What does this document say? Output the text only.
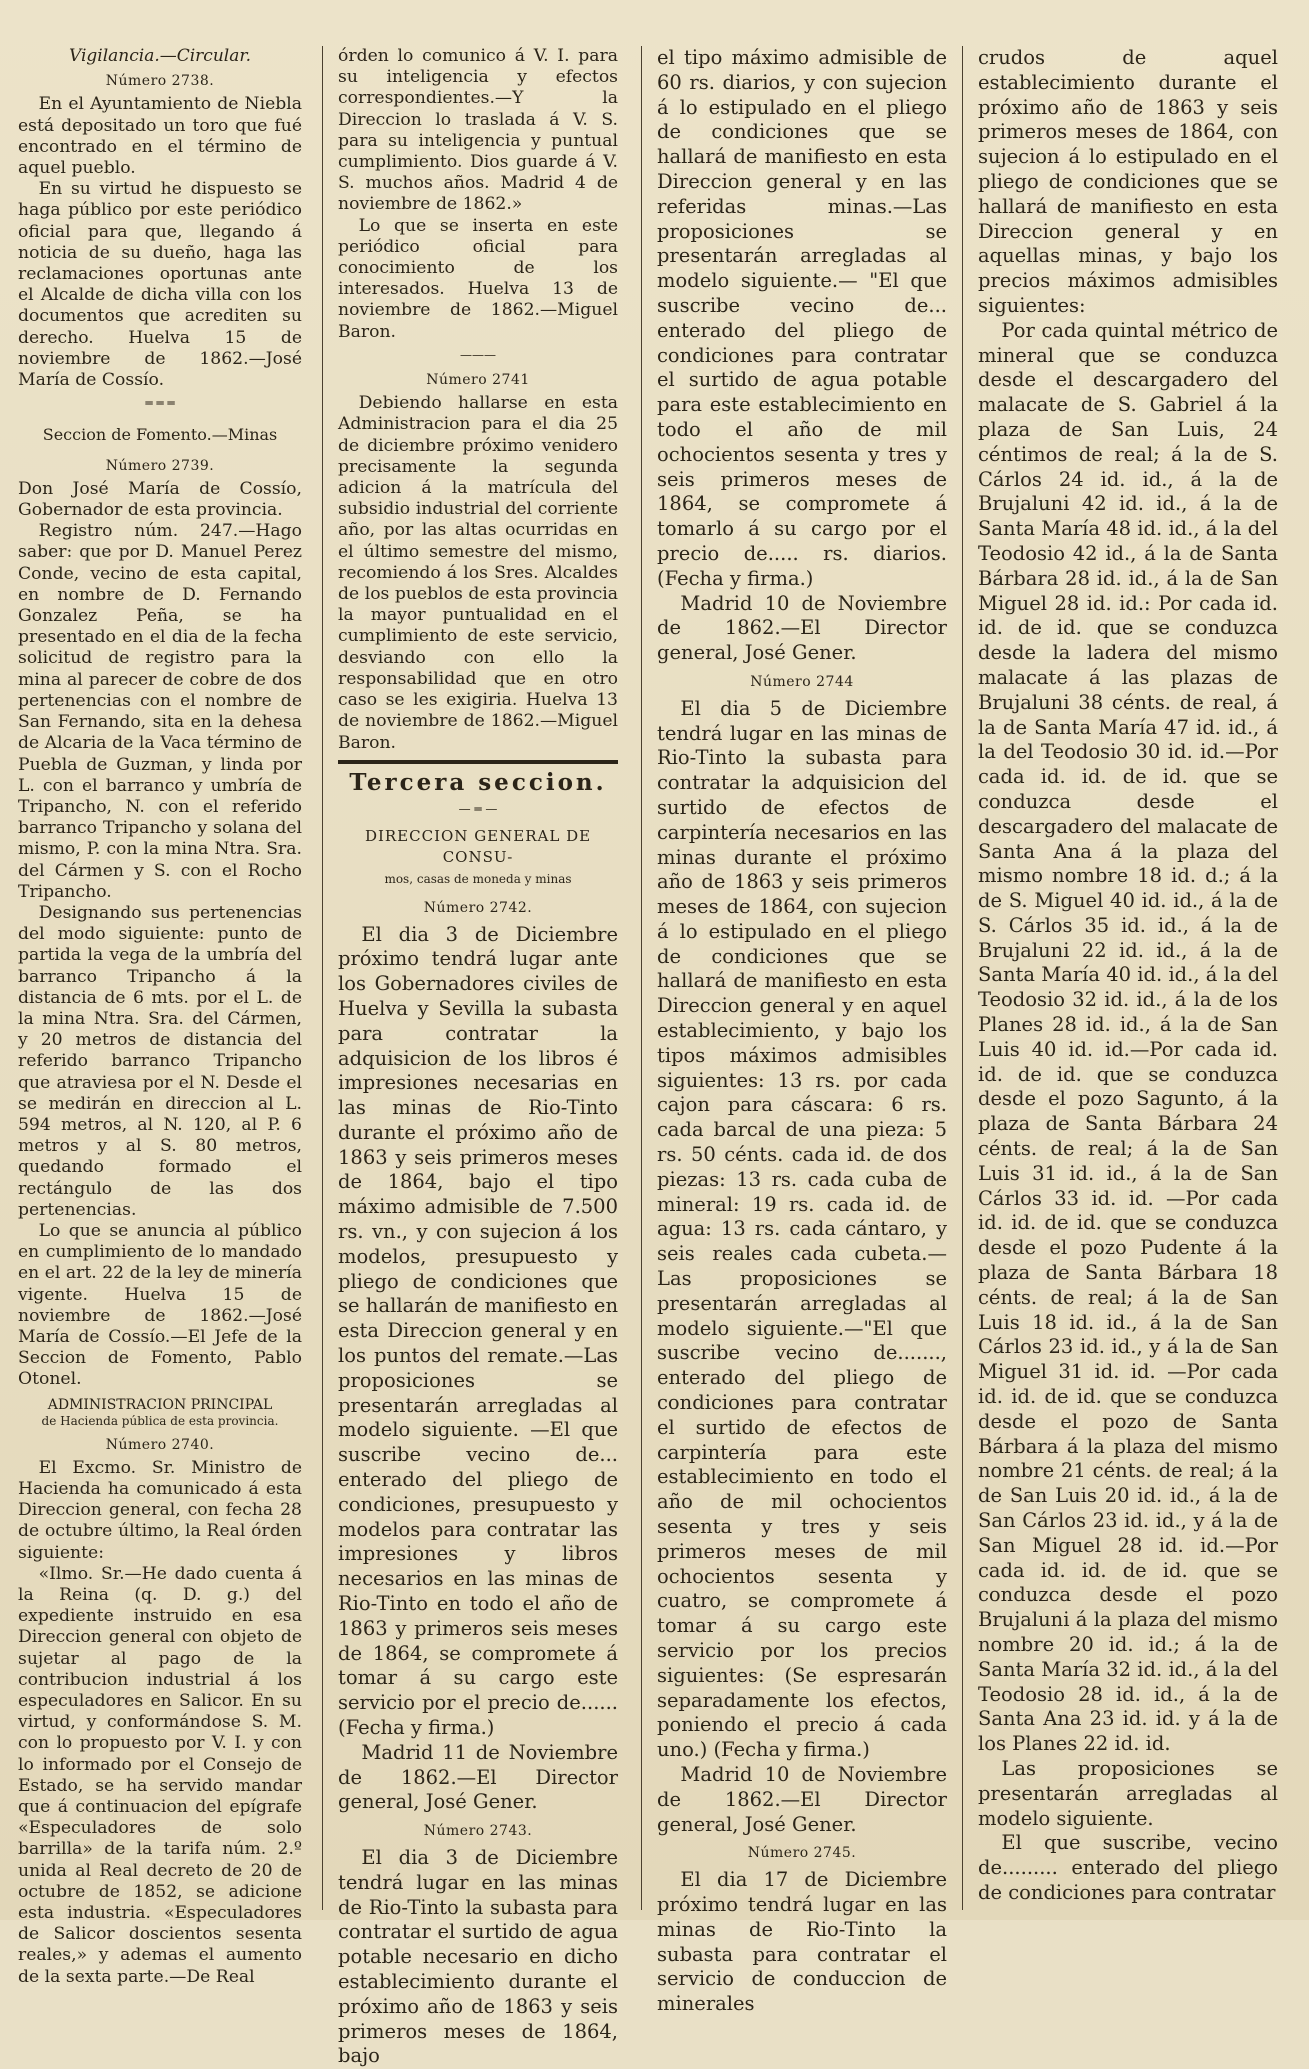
Vigilancia.—Circular.

Número 2738.

En el Ayuntamiento de Niebla está depositado un toro que fué encontrado en el término de aquel pueblo.

En su virtud he dispuesto se haga público por este periódico oficial para que, llegando á noticia de su dueño, haga las reclamaciones oportunas ante el Alcalde de dicha villa con los documentos que acrediten su derecho. Huelva 15 de noviembre de 1862.—José María de Cossío.

═ ═ ═

Seccion de Fomento.—Minas

Número 2739.

Don José María de Cossío, Gobernador de esta provincia.

Registro núm. 247.—Hago saber: que por D. Manuel Perez Conde, vecino de esta capital, en nombre de D. Fernando Gonzalez Peña, se ha presentado en el dia de la fecha solicitud de registro para la mina al parecer de cobre de dos pertenencias con el nombre de San Fernando, sita en la dehesa de Alcaria de la Vaca término de Puebla de Guzman, y linda por L. con el barranco y umbría de Tripancho, N. con el referido barranco Tripancho y solana del mismo, P. con la mina Ntra. Sra. del Cármen y S. con el Rocho Tripancho.

Designando sus pertenencias del modo siguiente: punto de partida la vega de la umbría del barranco Tripancho á la distancia de 6 mts. por el L. de la mina Ntra. Sra. del Cármen, y 20 metros de distancia del referido barranco Tripancho que atraviesa por el N. Desde el se medirán en direccion al L. 594 metros, al N. 120, al P. 6 metros y al S. 80 metros, quedando formado el rectángulo de las dos pertenencias.

Lo que se anuncia al público en cumplimiento de lo mandado en el art. 22 de la ley de minería vigente. Huelva 15 de noviembre de 1862.—José María de Cossío.—El Jefe de la Seccion de Fomento, Pablo Otonel.

ADMINISTRACION PRINCIPAL
de Hacienda pública de esta provincia.

Número 2740.

El Excmo. Sr. Ministro de Hacienda ha comunicado á esta Direccion general, con fecha 28 de octubre último, la Real órden siguiente:

«Ilmo. Sr.—He dado cuenta á la Reina (q. D. g.) del expediente instruido en esa Direccion general con objeto de sujetar al pago de la contribucion industrial á los especuladores en Salicor. En su virtud, y conformándose S. M. con lo propuesto por V. I. y con lo informado por el Consejo de Estado, se ha servido mandar que á continuacion del epígrafe «Especuladores de solo barrilla» de la tarifa núm. 2.º unida al Real decreto de 20 de octubre de 1852, se adicione esta industria. «Especuladores de Salicor doscientos sesenta reales,» y ademas el aumento de la sexta parte.—De Real

órden lo comunico á V. I. para su inteligencia y efectos correspondientes.—Y la Direccion lo traslada á V. S. para su inteligencia y puntual cumplimiento. Dios guarde á V. S. muchos años. Madrid 4 de noviembre de 1862.»

Lo que se inserta en este periódico oficial para conocimiento de los interesados. Huelva 13 de noviembre de 1862.—Miguel Baron.

———

Número 2741

Debiendo hallarse en esta Administracion para el dia 25 de diciembre próximo venidero precisamente la segunda adicion á la matrícula del subsidio industrial del corriente año, por las altas ocurridas en el último semestre del mismo, recomiendo á los Sres. Alcaldes de los pueblos de esta provincia la mayor puntualidad en el cumplimiento de este servicio, desviando con ello la responsabilidad que en otro caso se les exigiria. Huelva 13 de noviembre de 1862.—Miguel Baron.

Tercera seccion.

— ═ —

DIRECCION GENERAL DE CONSU-

mos, casas de moneda y minas

Número 2742.

El dia 3 de Diciembre próximo tendrá lugar ante los Gobernadores civiles de Huelva y Sevilla la subasta para contratar la adquisicion de los libros é impresiones necesarias en las minas de Rio-Tinto durante el próximo año de 1863 y seis primeros meses de 1864, bajo el tipo máximo admisible de 7.500 rs. vn., y con sujecion á los modelos, presupuesto y pliego de condiciones que se hallarán de manifiesto en esta Direccion general y en los puntos del remate.—Las proposiciones se presentarán arregladas al modelo siguiente. —El que suscribe vecino de... enterado del pliego de condiciones, presupuesto y modelos para contratar las impresiones y libros necesarios en las minas de Rio-Tinto en todo el año de 1863 y primeros seis meses de 1864, se compromete á tomar á su cargo este servicio por el precio de...... (Fecha y firma.)

Madrid 11 de Noviembre de 1862.—El Director general, José Gener.

Número 2743.

El dia 3 de Diciembre tendrá lugar en las minas de Rio-Tinto la subasta para contratar el surtido de agua potable necesario en dicho establecimiento durante el próximo año de 1863 y seis primeros meses de 1864, bajo

el tipo máximo admisible de 60 rs. diarios, y con sujecion á lo estipulado en el pliego de condiciones que se hallará de manifiesto en esta Direccion general y en las referidas minas.—Las proposiciones se presentarán arregladas al modelo siguiente.— "El que suscribe vecino de... enterado del pliego de condiciones para contratar el surtido de agua potable para este establecimiento en todo el año de mil ochocientos sesenta y tres y seis primeros meses de 1864, se compromete á tomarlo á su cargo por el precio de..... rs. diarios. (Fecha y firma.)

Madrid 10 de Noviembre de 1862.—El Director general, José Gener.

Número 2744

El dia 5 de Diciembre tendrá lugar en las minas de Rio-Tinto la subasta para contratar la adquisicion del surtido de efectos de carpintería necesarios en las minas durante el próximo año de 1863 y seis primeros meses de 1864, con sujecion á lo estipulado en el pliego de condiciones que se hallará de manifiesto en esta Direccion general y en aquel establecimiento, y bajo los tipos máximos admisibles siguientes: 13 rs. por cada cajon para cáscara: 6 rs. cada barcal de una pieza: 5 rs. 50 cénts. cada id. de dos piezas: 13 rs. cada cuba de mineral: 19 rs. cada id. de agua: 13 rs. cada cántaro, y seis reales cada cubeta.—Las proposiciones se presentarán arregladas al modelo siguiente.—"El que suscribe vecino de......., enterado del pliego de condiciones para contratar el surtido de efectos de carpintería para este establecimiento en todo el año de mil ochocientos sesenta y tres y seis primeros meses de mil ochocientos sesenta y cuatro, se compromete á tomar á su cargo este servicio por los precios siguientes: (Se espresarán separadamente los efectos, poniendo el precio á cada uno.) (Fecha y firma.)

Madrid 10 de Noviembre de 1862.—El Director general, José Gener.

Número 2745.

El dia 17 de Diciembre próximo tendrá lugar en las minas de Rio-Tinto la subasta para contratar el servicio de conduccion de minerales

crudos de aquel establecimiento durante el próximo año de 1863 y seis primeros meses de 1864, con sujecion á lo estipulado en el pliego de condiciones que se hallará de manifiesto en esta Direccion general y en aquellas minas, y bajo los precios máximos admisibles siguientes:

Por cada quintal métrico de mineral que se conduzca desde el descargadero del malacate de S. Gabriel á la plaza de San Luis, 24 céntimos de real; á la de S. Cárlos 24 id. id., á la de Brujaluni 42 id. id., á la de Santa María 48 id. id., á la del Teodosio 42 id., á la de Santa Bárbara 28 id. id., á la de San Miguel 28 id. id.: Por cada id. id. de id. que se conduzca desde la ladera del mismo malacate á las plazas de Brujaluni 38 cénts. de real, á la de Santa María 47 id. id., á la del Teodosio 30 id. id.—Por cada id. id. de id. que se conduzca desde el descargadero del malacate de Santa Ana á la plaza del mismo nombre 18 id. d.; á la de S. Miguel 40 id. id., á la de S. Cárlos 35 id. id., á la de Brujaluni 22 id. id., á la de Santa María 40 id. id., á la del Teodosio 32 id. id., á la de los Planes 28 id. id., á la de San Luis 40 id. id.—Por cada id. id. de id. que se conduzca desde el pozo Sagunto, á la plaza de Santa Bárbara 24 cénts. de real; á la de San Luis 31 id. id., á la de San Cárlos 33 id. id. —Por cada id. id. de id. que se conduzca desde el pozo Pudente á la plaza de Santa Bárbara 18 cénts. de real; á la de San Luis 18 id. id., á la de San Cárlos 23 id. id., y á la de San Miguel 31 id. id. —Por cada id. id. de id. que se conduzca desde el pozo de Santa Bárbara á la plaza del mismo nombre 21 cénts. de real; á la de San Luis 20 id. id., á la de San Cárlos 23 id. id., y á la de San Miguel 28 id. id.—Por cada id. id. de id. que se conduzca desde el pozo Brujaluni á la plaza del mismo nombre 20 id. id.; á la de Santa María 32 id. id., á la del Teodosio 28 id. id., á la de Santa Ana 23 id. id. y á la de los Planes 22 id. id.

Las proposiciones se presentarán arregladas al modelo siguiente.

El que suscribe, vecino de......... enterado del pliego de condiciones para contratar
